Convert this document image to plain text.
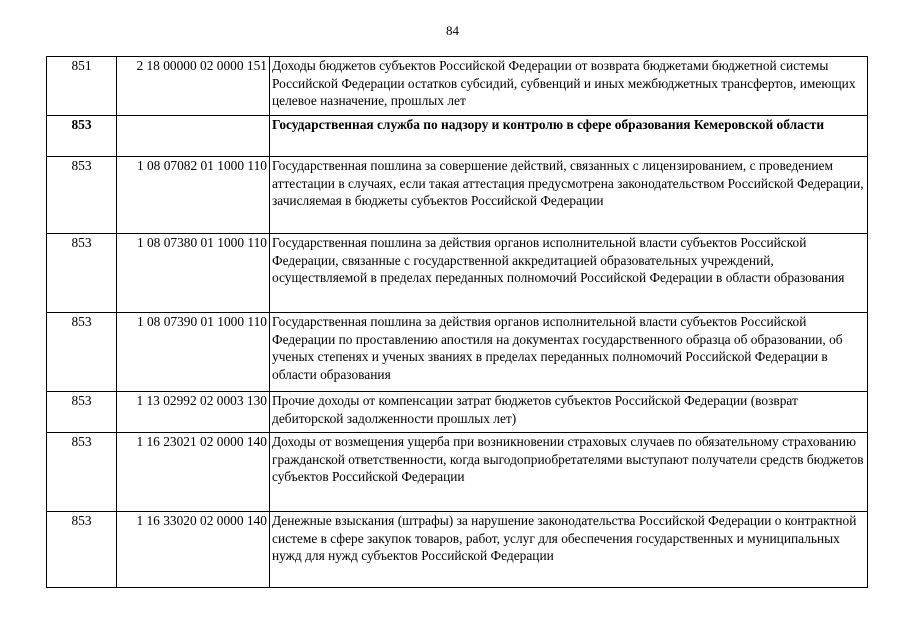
84
851	2 18 00000 02 0000 151	Доходы бюджетов субъектов Российской Федерации от возврата бюджетами бюджетной системы Российской Федерации остатков субсидий, субвенций и иных межбюджетных трансфертов, имеющих целевое назначение, прошлых лет
853		Государственная служба по надзору и контролю в сфере образования Кемеровской области
853	1 08 07082 01 1000 110	Государственная пошлина за совершение действий, связанных с лицензированием, с проведением аттестации в случаях, если такая аттестация предусмотрена законодательством Российской Федерации, зачисляемая в бюджеты субъектов Российской Федерации
853	1 08 07380 01 1000 110	Государственная пошлина за действия органов исполнительной власти субъектов Российской Федерации, связанные с государственной аккредитацией образовательных учреждений, осуществляемой в пределах переданных полномочий Российской Федерации в области образования
853	1 08 07390 01 1000 110	Государственная пошлина за действия органов исполнительной власти субъектов Российской Федерации по проставлению апостиля на документах государственного образца об образовании, об ученых степенях и ученых званиях в пределах переданных полномочий Российской Федерации в области образования
853	1 13 02992 02 0003 130	Прочие доходы от компенсации затрат бюджетов субъектов Российской Федерации (возврат дебиторской задолженности прошлых лет)
853	1 16 23021 02 0000 140	Доходы от возмещения ущерба при возникновении страховых случаев по обязательному страхованию гражданской ответственности, когда выгодоприобретателями выступают получатели средств бюджетов субъектов Российской Федерации
853	1 16 33020 02 0000 140	Денежные взыскания (штрафы) за нарушение законодательства Российской Федерации о контрактной системе в сфере закупок товаров, работ, услуг для обеспечения государственных и муниципальных нужд для нужд субъектов Российской Федерации
